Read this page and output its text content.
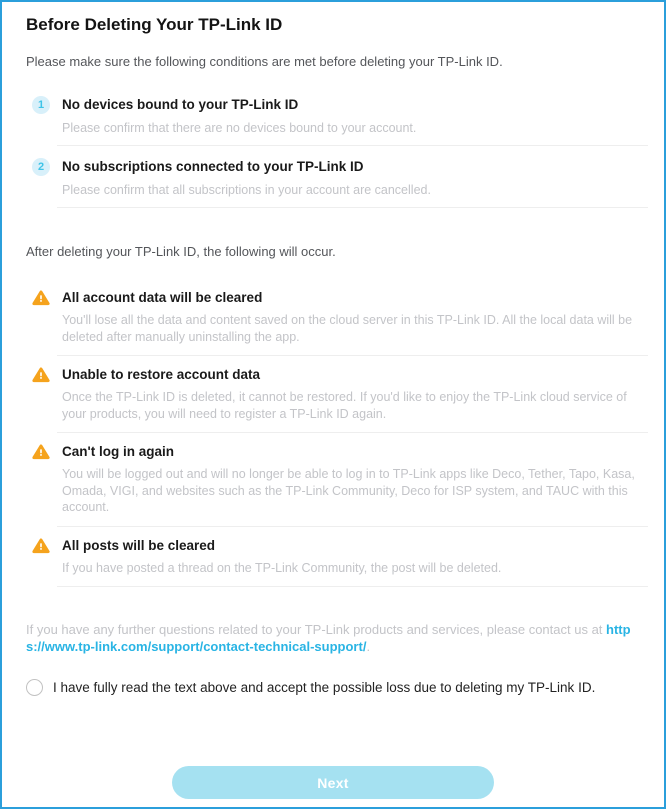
Before Deleting Your TP-Link ID

Please make sure the following conditions are met before deleting your TP-Link ID.

1	No devices bound to your TP-Link ID
Please confirm that there are no devices bound to your account.
2	No subscriptions connected to your TP-Link ID
Please confirm that all subscriptions in your account are cancelled.

After deleting your TP-Link ID, the following will occur.

All account data will be cleared
You'll lose all the data and content saved on the cloud server in this TP-Link ID. All the local data will be deleted after manually uninstalling the app.
Unable to restore account data
Once the TP-Link ID is deleted, it cannot be restored. If you'd like to enjoy the TP-Link cloud service of your products, you will need to register a TP-Link ID again.
Can't log in again
You will be logged out and will no longer be able to log in to TP-Link apps like Deco, Tether, Tapo, Kasa, Omada, VIGI, and websites such as the TP-Link Community, Deco for ISP system, and TAUC with this account.
All posts will be cleared
If you have posted a thread on the TP-Link Community, the post will be deleted.

If you have any further questions related to your TP-Link products and services, please contact us at https://www.tp-link.com/support/contact-technical-support/.

I have fully read the text above and accept the possible loss due to deleting my TP-Link ID.
Next
